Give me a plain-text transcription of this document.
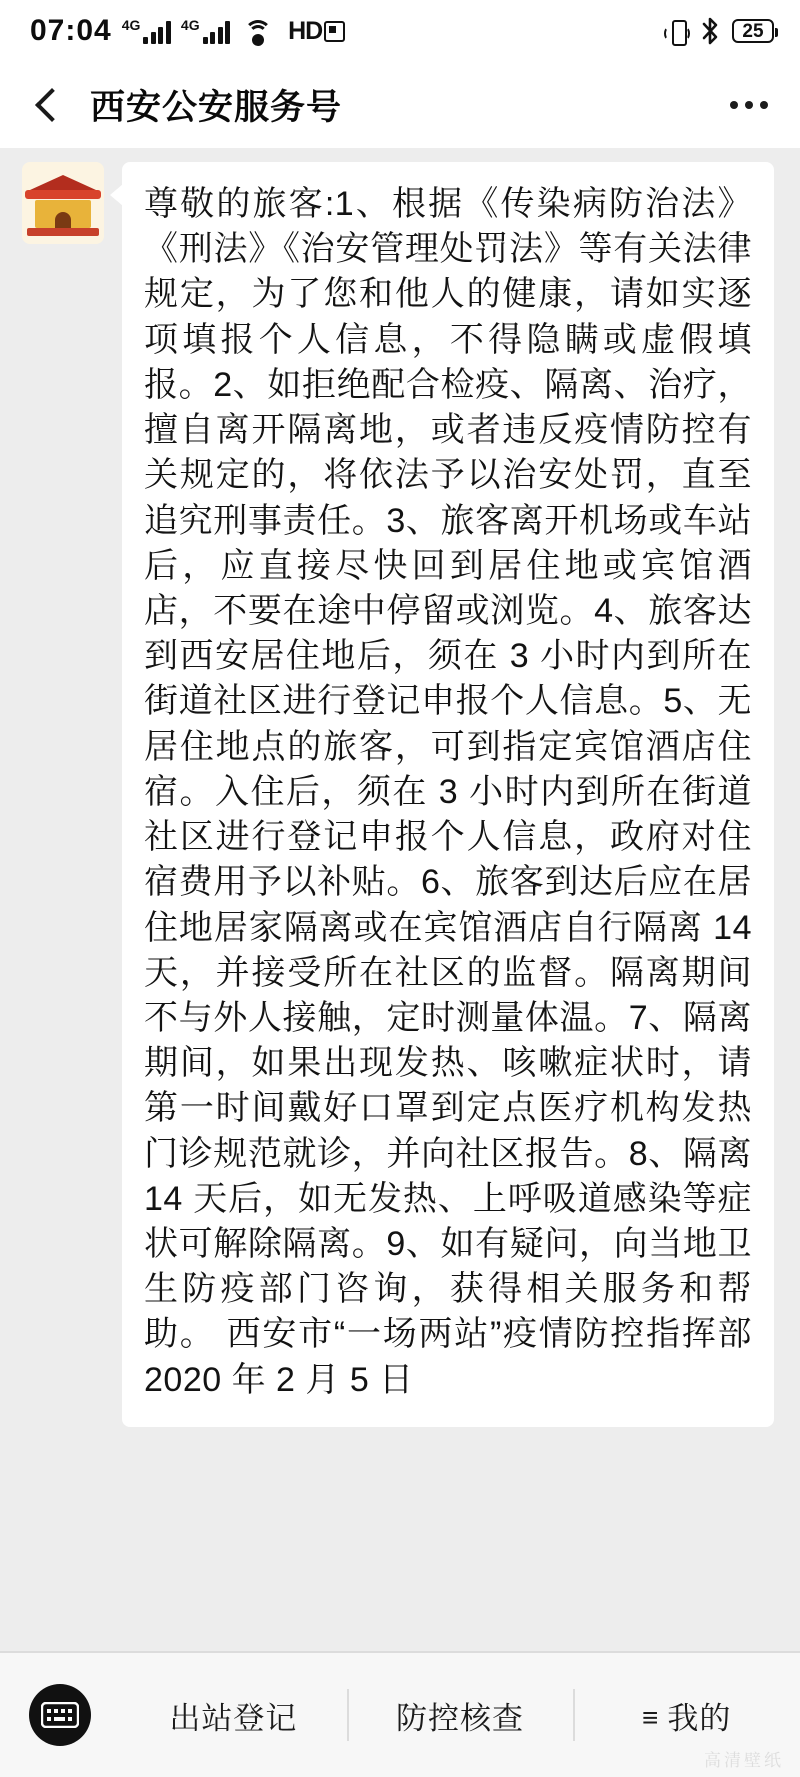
07:04 4G	4G	HD	25
西安公安服务号
尊敬的旅客:1、根据《传染病防治法》《刑法》《治安管理处罚法》等有关法律规定，为了您和他人的健康，请如实逐项填报个人信息，不得隐瞒或虚假填报。2、如拒绝配合检疫、隔离、治疗，擅自离开隔离地，或者违反疫情防控有关规定的，将依法予以治安处罚，直至追究刑事责任。3、旅客离开机场或车站后，应直接尽快回到居住地或宾馆酒店，不要在途中停留或浏览。4、旅客达到西安居住地后，须在 3 小时内到所在街道社区进行登记申报个人信息。5、无居住地点的旅客，可到指定宾馆酒店住宿。入住后，须在 3 小时内到所在街道社区进行登记申报个人信息，政府对住宿费用予以补贴。6、旅客到达后应在居住地居家隔离或在宾馆酒店自行隔离 14 天，并接受所在社区的监督。隔离期间不与外人接触，定时测量体温。7、隔离期间，如果出现发热、咳嗽症状时，请第一时间戴好口罩到定点医疗机构发热门诊规范就诊，并向社区报告。8、隔离 14 天后，如无发热、上呼吸道感染等症状可解除隔离。9、如有疑问，向当地卫生防疫部门咨询，获得相关服务和帮助。 西安市“一场两站”疫情防控指挥部 2020 年 2 月 5 日
出站登记	防控核查	≡ 我的
高清壁纸
